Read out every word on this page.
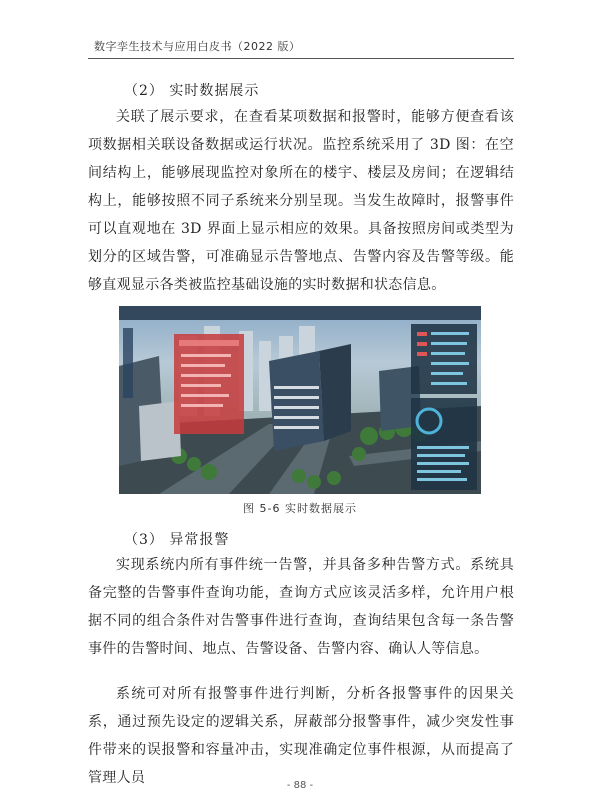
数字孪生技术与应用白皮书（2022 版）
（2） 实时数据展示

关联了展示要求，在查看某项数据和报警时，能够方便查看该项数据相关联设备数据或运行状况。监控系统采用了 3D 图：在空间结构上，能够展现监控对象所在的楼宇、楼层及房间；在逻辑结构上，能够按照不同子系统来分别呈现。当发生故障时，报警事件可以直观地在 3D 界面上显示相应的效果。具备按照房间或类型为划分的区域告警，可准确显示告警地点、告警内容及告警等级。能够直观显示各类被监控基础设施的实时数据和状态信息。

图 5-6 实时数据展示
（3） 异常报警

实现系统内所有事件统一告警，并具备多种告警方式。系统具备完整的告警事件查询功能，查询方式应该灵活多样，允许用户根据不同的组合条件对告警事件进行查询，查询结果包含每一条告警事件的告警时间、地点、告警设备、告警内容、确认人等信息。

系统可对所有报警事件进行判断，分析各报警事件的因果关系，通过预先设定的逻辑关系，屏蔽部分报警事件，减少突发性事件带来的误报警和容量冲击，实现准确定位事件根源，从而提高了管理人员	- 88 -
